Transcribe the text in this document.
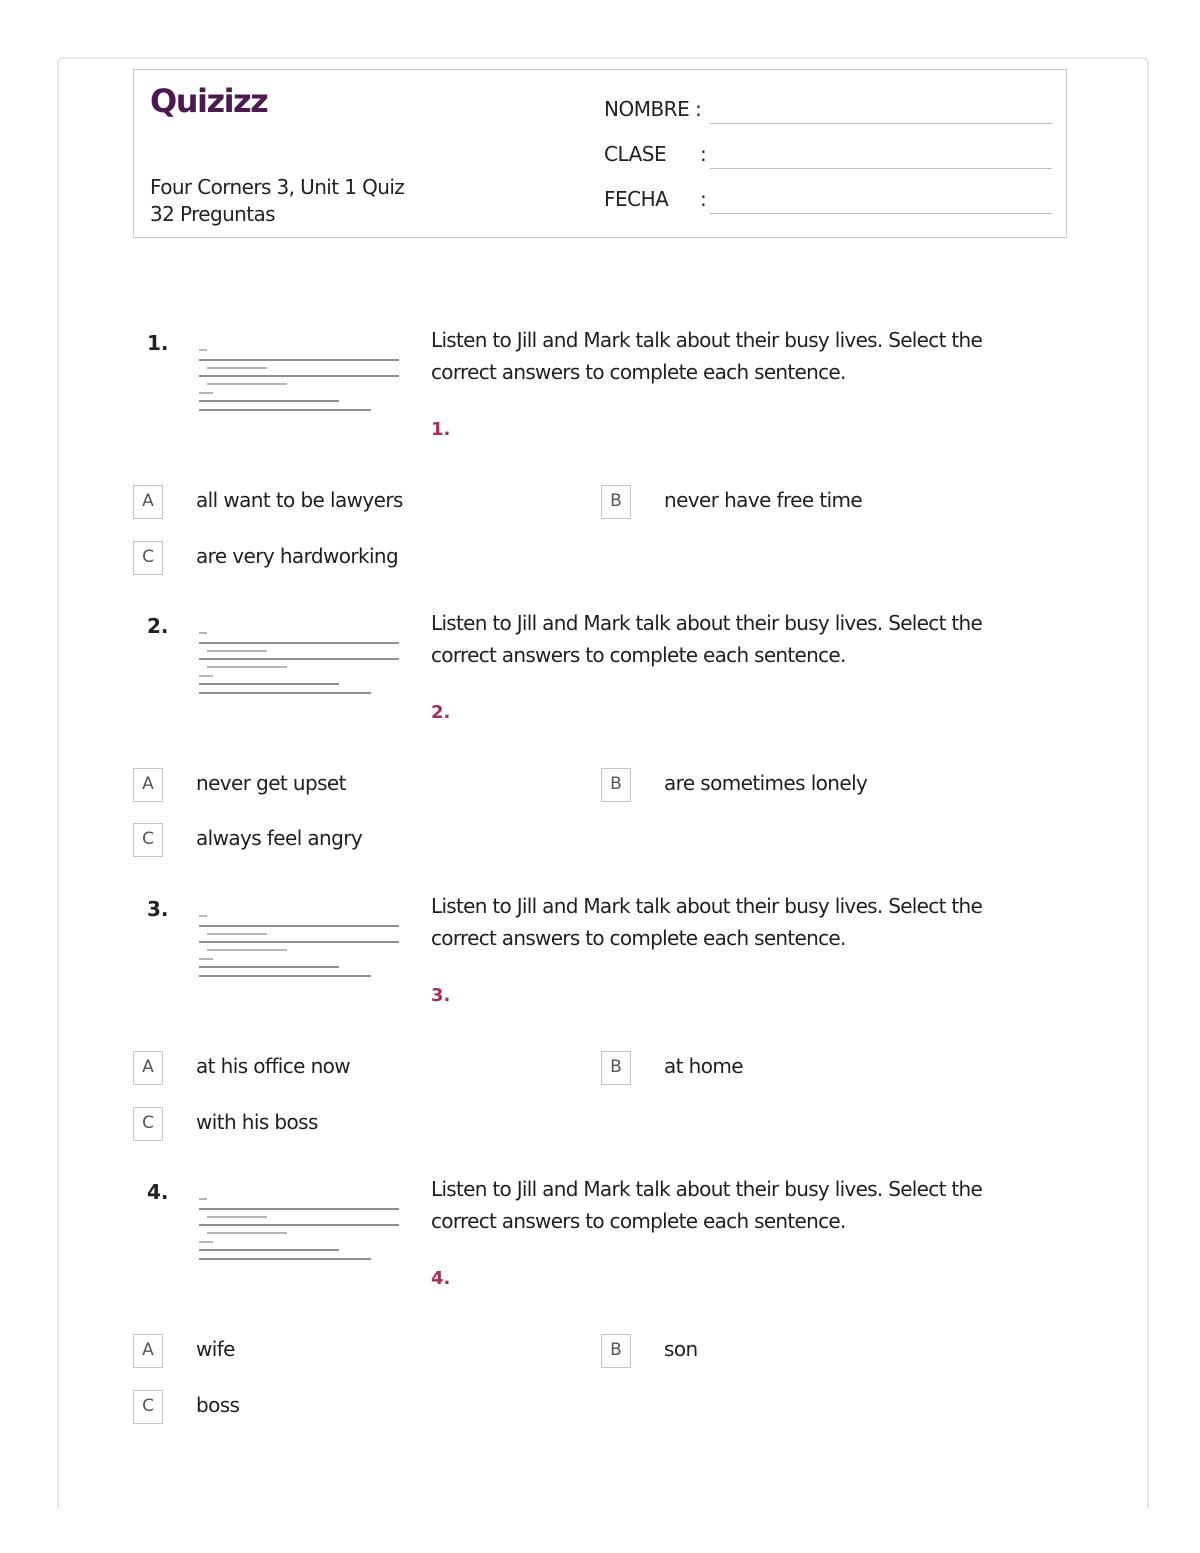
Quizizz
Four Corners 3, Unit 1 Quiz
32 Preguntas
NOMBRE :
CLASE :
FECHA :
1.	Listen to Jill and Mark talk about their busy lives. Select the correct answers to complete each sentence.
1.
A	all want to be lawyers	B	never have free time
C	are very hardworking
2.	Listen to Jill and Mark talk about their busy lives. Select the correct answers to complete each sentence.
2.
A	never get upset	B	are sometimes lonely
C	always feel angry
3.	Listen to Jill and Mark talk about their busy lives. Select the correct answers to complete each sentence.
3.
A	at his office now	B	at home
C	with his boss
4.	Listen to Jill and Mark talk about their busy lives. Select the correct answers to complete each sentence.
4.
A	wife	B	son
C	boss
